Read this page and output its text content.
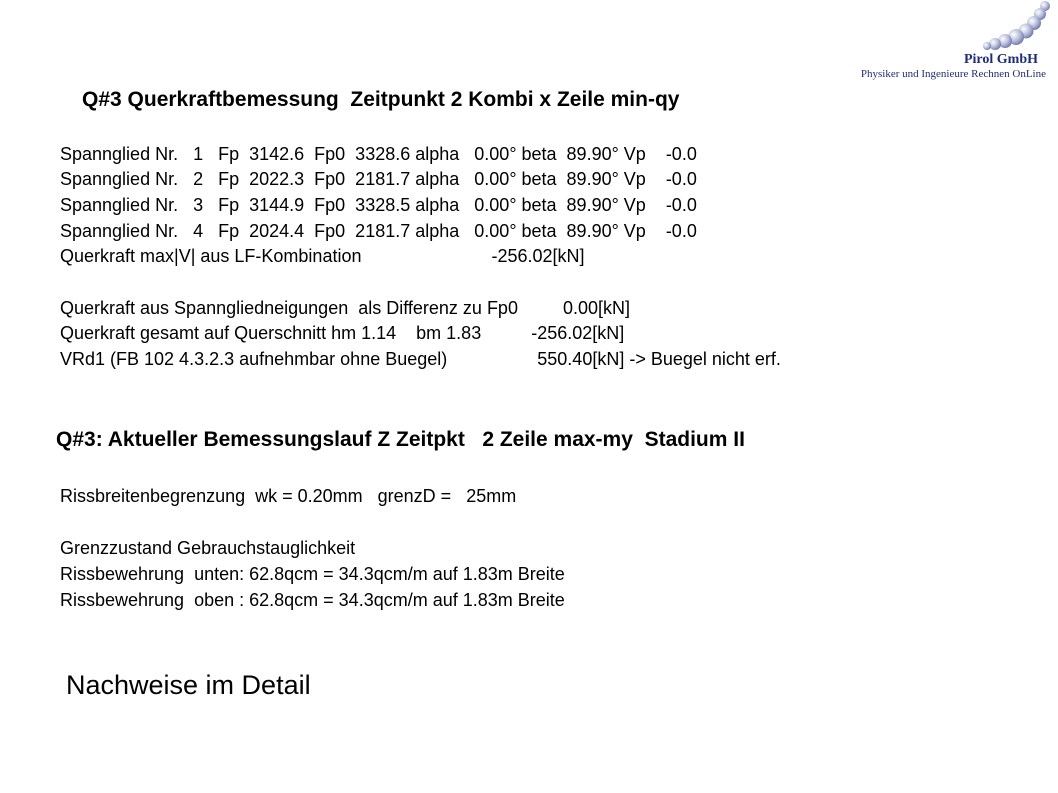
Pirol GmbH
Physiker und Ingenieure Rechnen OnLine
Q#3 Querkraftbemessung  Zeitpunkt 2 Kombi x Zeile min-qy
Spannglied Nr.   1   Fp  3142.6  Fp0  3328.6 alpha   0.00° beta  89.90° Vp    -0.0
Spannglied Nr.   2   Fp  2022.3  Fp0  2181.7 alpha   0.00° beta  89.90° Vp    -0.0
Spannglied Nr.   3   Fp  3144.9  Fp0  3328.5 alpha   0.00° beta  89.90° Vp    -0.0
Spannglied Nr.   4   Fp  2024.4  Fp0  2181.7 alpha   0.00° beta  89.90° Vp    -0.0
Querkraft max|V| aus LF-Kombination                          -256.02[kN]
Querkraft aus Spanngliedneigungen  als Differenz zu Fp0         0.00[kN]
Querkraft gesamt auf Querschnitt hm 1.14    bm 1.83          -256.02[kN]
VRd1 (FB 102 4.3.2.3 aufnehmbar ohne Buegel)                  550.40[kN] -> Buegel nicht erf.
Q#3: Aktueller Bemessungslauf Z Zeitpkt   2 Zeile max-my  Stadium II
Rissbreitenbegrenzung  wk = 0.20mm   grenzD =   25mm
Grenzzustand Gebrauchstauglichkeit
Rissbewehrung  unten: 62.8qcm = 34.3qcm/m auf 1.83m Breite
Rissbewehrung  oben : 62.8qcm = 34.3qcm/m auf 1.83m Breite
Nachweise im Detail
